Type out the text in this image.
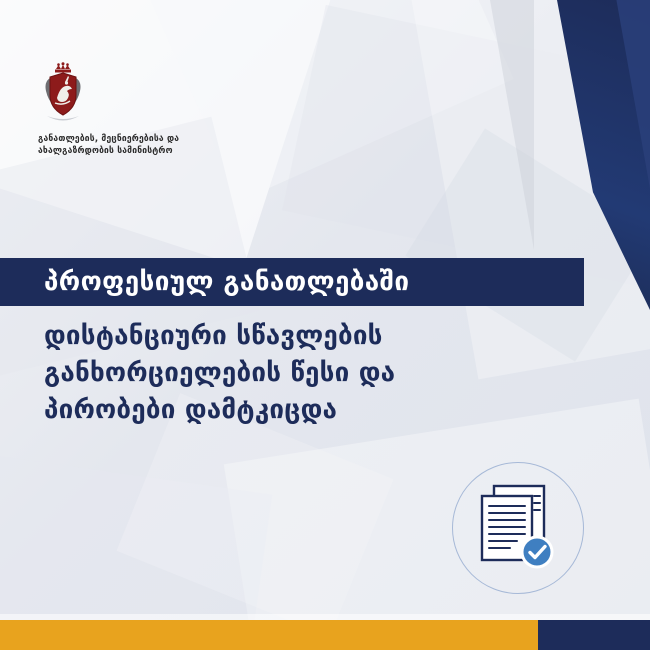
განათლების, მეცნიერებისა და
ახალგაზრდობის სამინისტრო
პროფესიულ განათლებაში
დისტანციური სწავლების
განხორციელების წესი და
პირობები დამტკიცდა
